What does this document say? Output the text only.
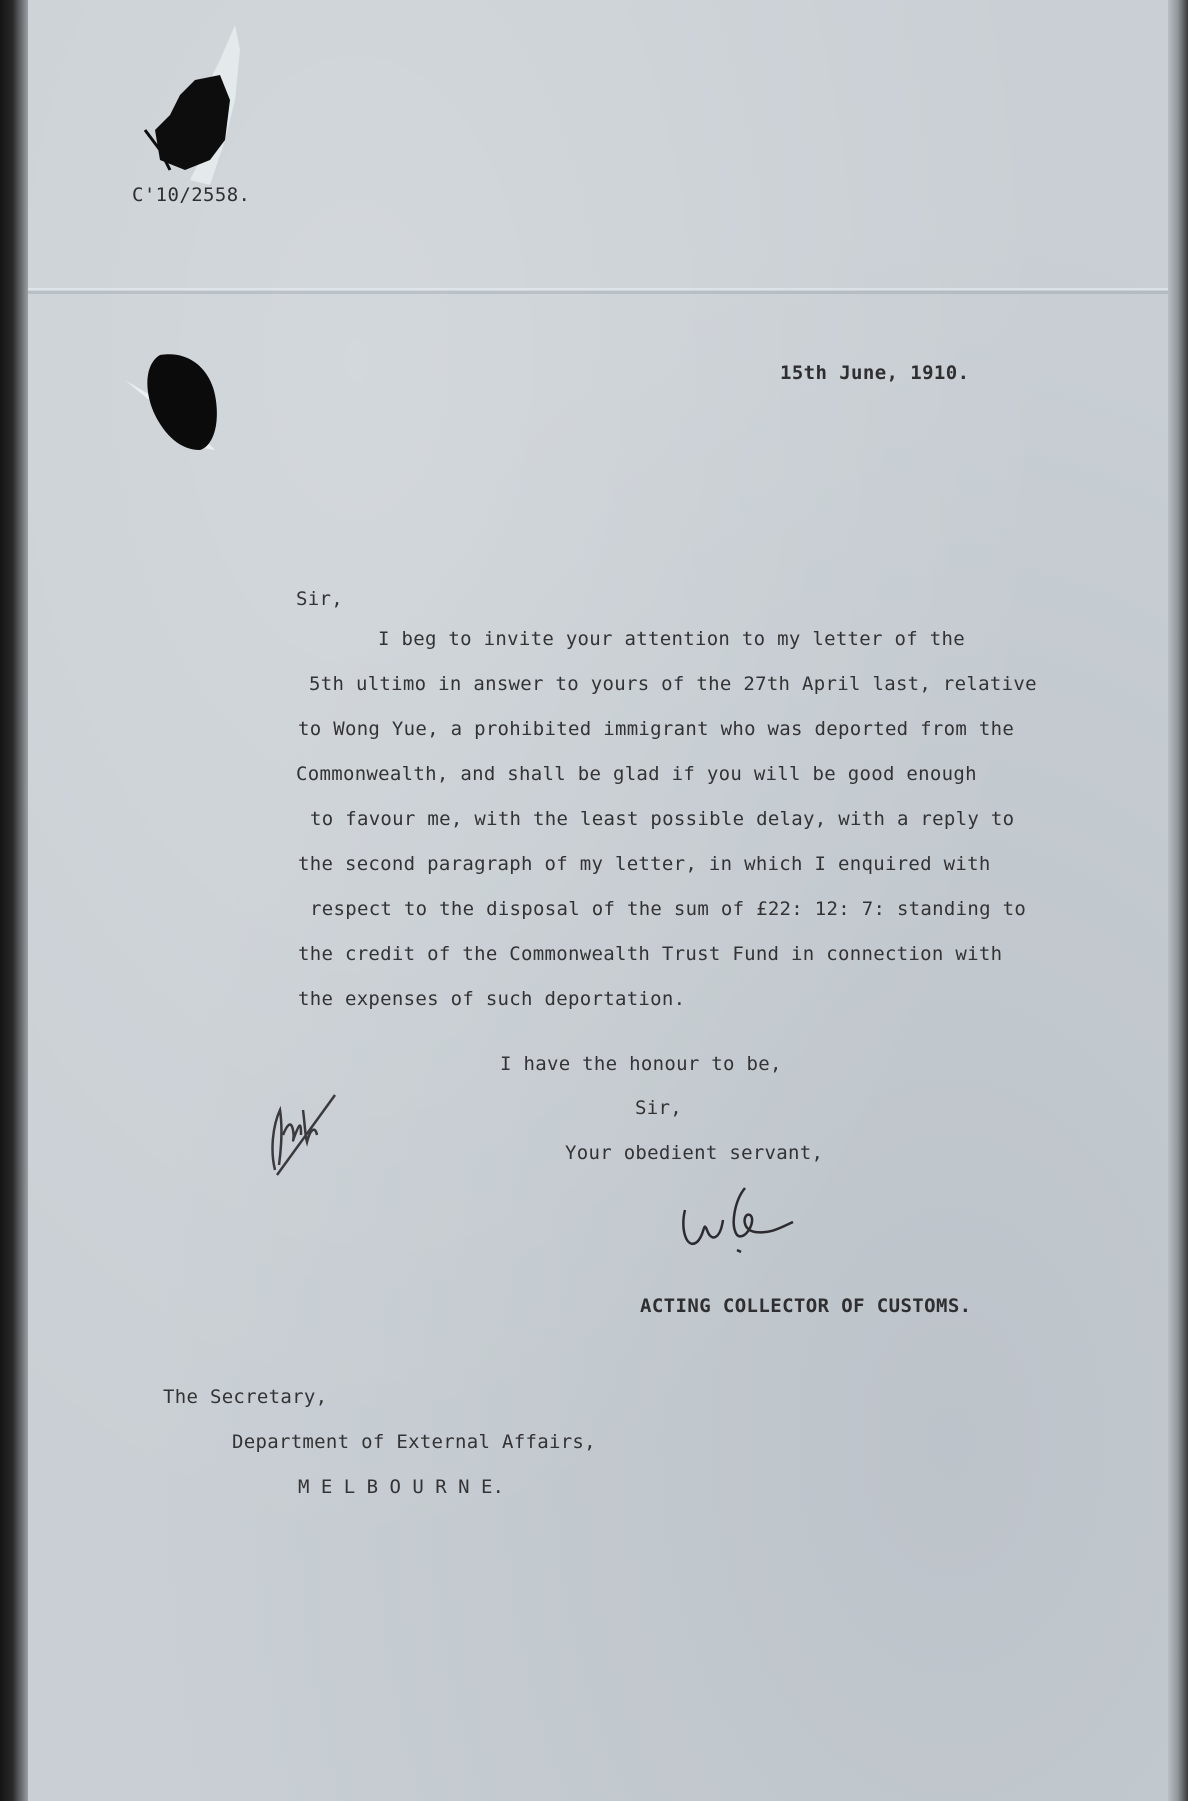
C'10/2558.
15th June, 1910.
Sir,
I beg to invite your attention to my letter of the
5th ultimo in answer to yours of the 27th April last, relative
to Wong Yue, a prohibited immigrant who was deported from the
Commonwealth, and shall be glad if you will be good enough
to favour me, with the least possible delay, with a reply to
the second paragraph of my letter, in which I enquired with
respect to the disposal of the sum of £22: 12: 7: standing to
the credit of the Commonwealth Trust Fund in connection with
the expenses of such deportation.
I have the honour to be,
Sir,
Your obedient servant,
ACTING COLLECTOR OF CUSTOMS.
The Secretary,
Department of External Affairs,
M E L B O U R N E.
